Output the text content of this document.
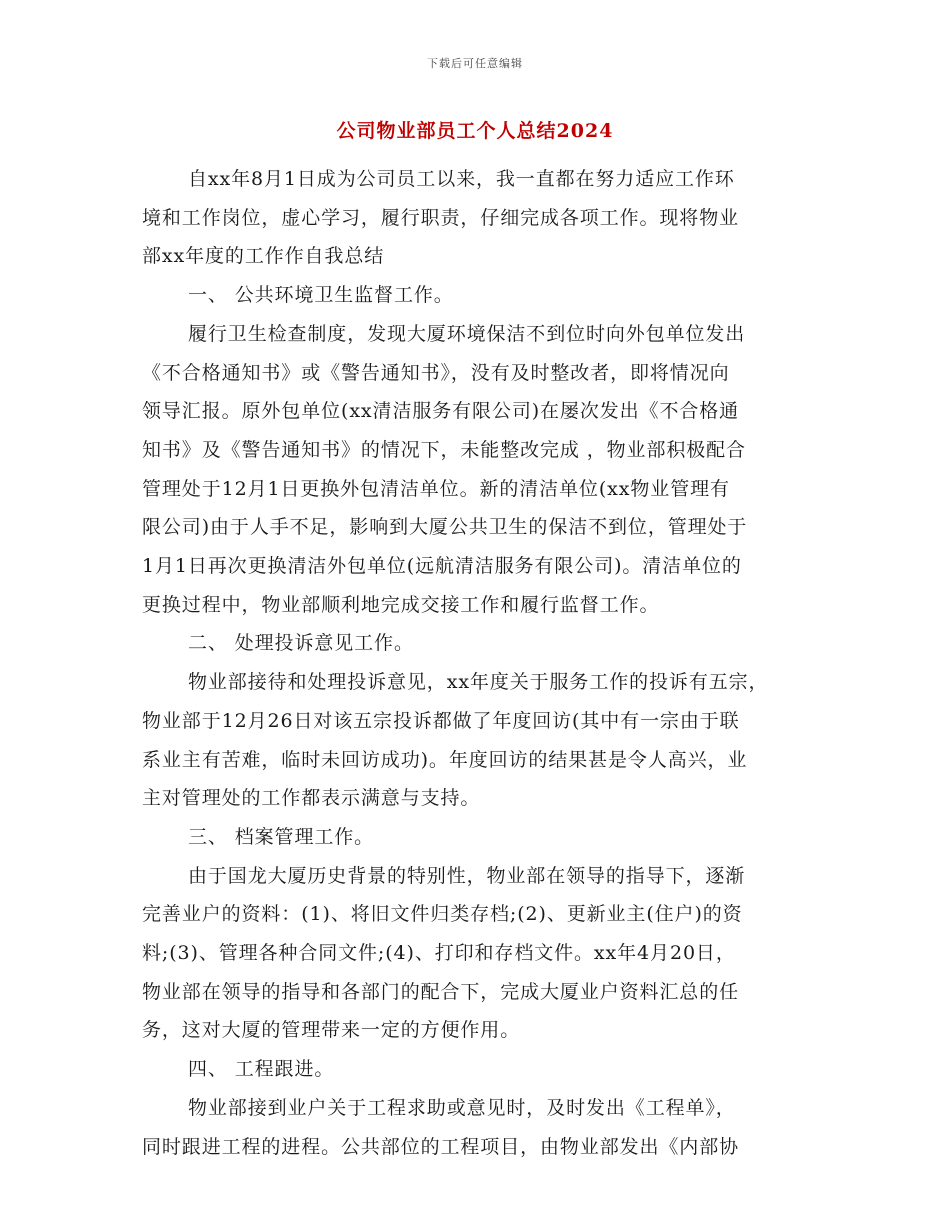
下载后可任意编辑
公司物业部员工个人总结2024

自xx年8月1日成为公司员工以来，我一直都在努力适应工作环

境和工作岗位，虚心学习，履行职责，仔细完成各项工作。现将物业

部xx年度的工作作自我总结

一、 公共环境卫生监督工作。

履行卫生检查制度，发现大厦环境保洁不到位时向外包单位发出

《不合格通知书》或《警告通知书》，没有及时整改者，即将情况向

领导汇报。原外包单位(xx清洁服务有限公司)在屡次发出《不合格通

知书》及《警告通知书》的情况下，未能整改完成 ，物业部积极配合

管理处于12月1日更换外包清洁单位。新的清洁单位(xx物业管理有

限公司)由于人手不足，影响到大厦公共卫生的保洁不到位，管理处于

1月1日再次更换清洁外包单位(远航清洁服务有限公司)。清洁单位的

更换过程中，物业部顺利地完成交接工作和履行监督工作。

二、 处理投诉意见工作。

物业部接待和处理投诉意见，xx年度关于服务工作的投诉有五宗，

物业部于12月26日对该五宗投诉都做了年度回访(其中有一宗由于联

系业主有苦难，临时未回访成功)。年度回访的结果甚是令人高兴，业

主对管理处的工作都表示满意与支持。

三、 档案管理工作。

由于国龙大厦历史背景的特别性，物业部在领导的指导下，逐渐

完善业户的资料：(1)、将旧文件归类存档;(2)、更新业主(住户)的资

料;(3)、管理各种合同文件;(4)、打印和存档文件。xx年4月20日，

物业部在领导的指导和各部门的配合下，完成大厦业户资料汇总的任

务，这对大厦的管理带来一定的方便作用。

四、 工程跟进。

物业部接到业户关于工程求助或意见时，及时发出《工程单》，

同时跟进工程的进程。公共部位的工程项目，由物业部发出《内部协
